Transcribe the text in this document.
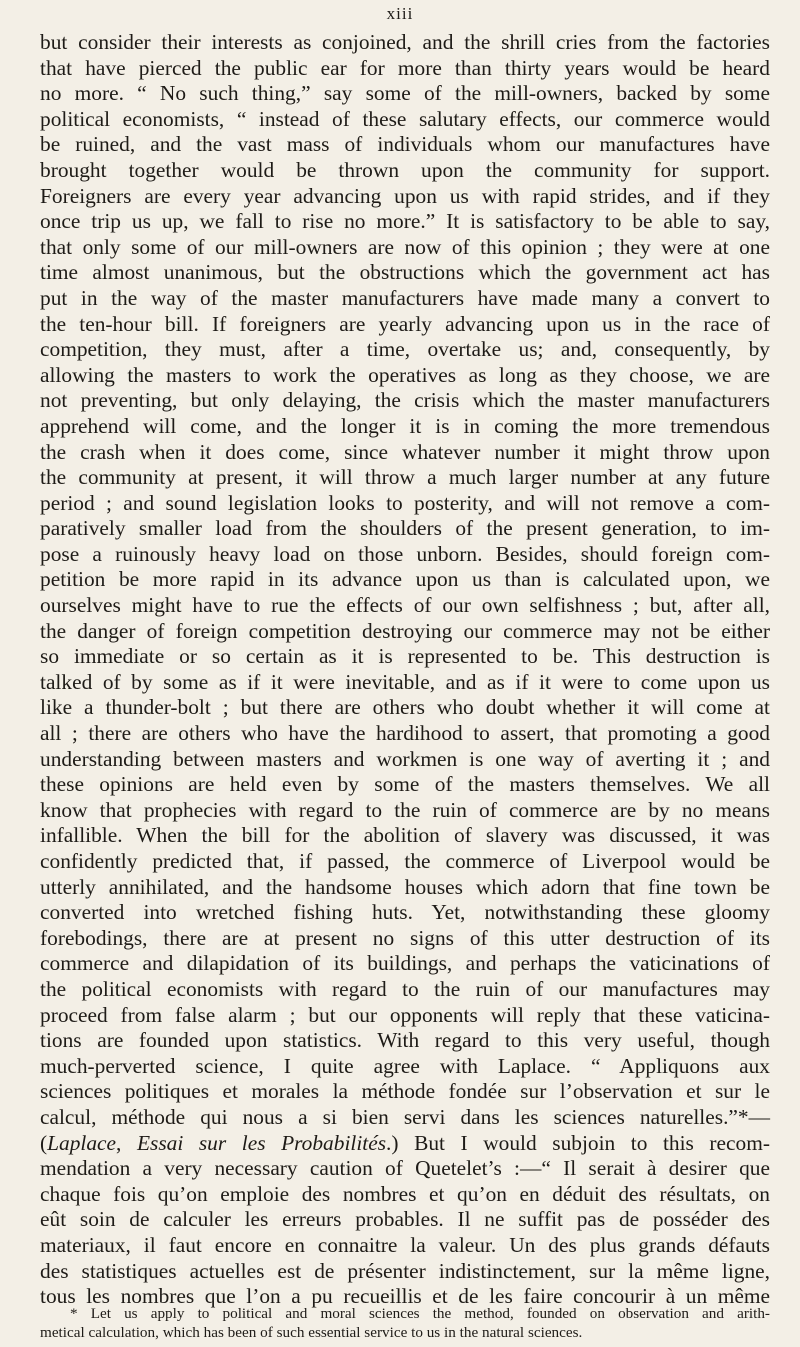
xiii
but consider their interests as conjoined, and the shrill cries from the factories
that have pierced the public ear for more than thirty years would be heard
no more. “ No such thing,” say some of the mill-owners, backed by some
political economists, “ instead of these salutary effects, our commerce would
be ruined, and the vast mass of individuals whom our manufactures have
brought together would be thrown upon the community for support.
Foreigners are every year advancing upon us with rapid strides, and if they
once trip us up, we fall to rise no more.” It is satisfactory to be able to say,
that only some of our mill-owners are now of this opinion ; they were at one
time almost unanimous, but the obstructions which the government act has
put in the way of the master manufacturers have made many a convert to
the ten-hour bill. If foreigners are yearly advancing upon us in the race of
competition, they must, after a time, overtake us; and, consequently, by
allowing the masters to work the operatives as long as they choose, we are
not preventing, but only delaying, the crisis which the master manufacturers
apprehend will come, and the longer it is in coming the more tremendous
the crash when it does come, since whatever number it might throw upon
the community at present, it will throw a much larger number at any future
period ; and sound legislation looks to posterity, and will not remove a com-
paratively smaller load from the shoulders of the present generation, to im-
pose a ruinously heavy load on those unborn. Besides, should foreign com-
petition be more rapid in its advance upon us than is calculated upon, we
ourselves might have to rue the effects of our own selfishness ; but, after all,
the danger of foreign competition destroying our commerce may not be either
so immediate or so certain as it is represented to be. This destruction is
talked of by some as if it were inevitable, and as if it were to come upon us
like a thunder-bolt ; but there are others who doubt whether it will come at
all ; there are others who have the hardihood to assert, that promoting a good
understanding between masters and workmen is one way of averting it ; and
these opinions are held even by some of the masters themselves. We all
know that prophecies with regard to the ruin of commerce are by no means
infallible. When the bill for the abolition of slavery was discussed, it was
confidently predicted that, if passed, the commerce of Liverpool would be
utterly annihilated, and the handsome houses which adorn that fine town be
converted into wretched fishing huts. Yet, notwithstanding these gloomy
forebodings, there are at present no signs of this utter destruction of its
commerce and dilapidation of its buildings, and perhaps the vaticinations of
the political economists with regard to the ruin of our manufactures may
proceed from false alarm ; but our opponents will reply that these vaticina-
tions are founded upon statistics. With regard to this very useful, though
much-perverted science, I quite agree with Laplace. “ Appliquons aux
sciences politiques et morales la méthode fondée sur l’observation et sur le
calcul, méthode qui nous a si bien servi dans les sciences naturelles.”*—
(Laplace, Essai sur les Probabilités.) But I would subjoin to this recom-
mendation a very necessary caution of Quetelet’s :—“ Il serait à desirer que
chaque fois qu’on emploie des nombres et qu’on en déduit des résultats, on
eût soin de calculer les erreurs probables. Il ne suffit pas de posséder des
materiaux, il faut encore en connaitre la valeur. Un des plus grands défauts
des statistiques actuelles est de présenter indistinctement, sur la même ligne,
tous les nombres que l’on a pu recueillis et de les faire concourir à un même
* Let us apply to political and moral sciences the method, founded on observation and arith-
metical calculation, which has been of such essential service to us in the natural sciences.
